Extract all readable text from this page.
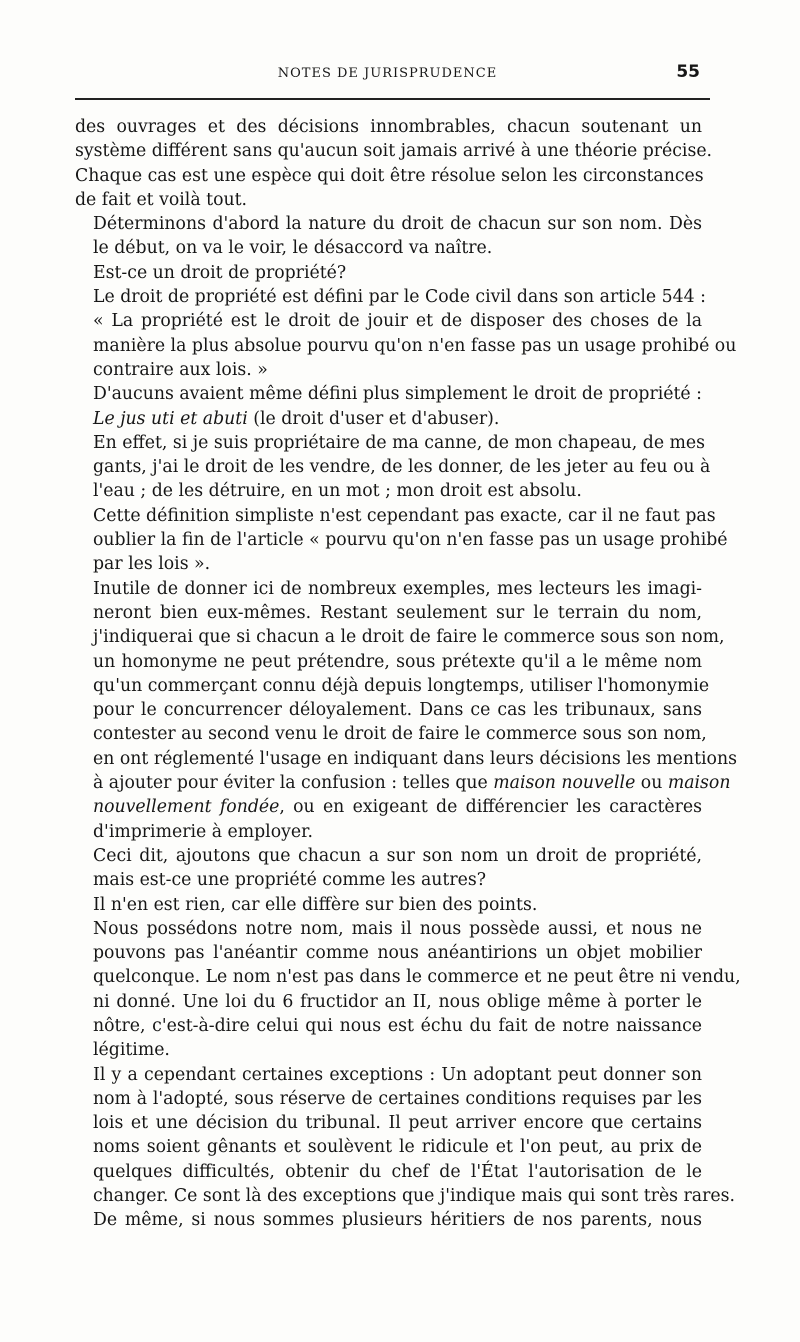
NOTES DE JURISPRUDENCE	55

des ouvrages et des décisions innombrables, chacun soutenant un
système différent sans qu'aucun soit jamais arrivé à une théorie précise.
Chaque cas est une espèce qui doit être résolue selon les circonstances
de fait et voilà tout.

Déterminons d'abord la nature du droit de chacun sur son nom. Dès
le début, on va le voir, le désaccord va naître.

Est-ce un droit de propriété?

Le droit de propriété est défini par le Code civil dans son article 544 :
« La propriété est le droit de jouir et de disposer des choses de la
manière la plus absolue pourvu qu'on n'en fasse pas un usage prohibé ou
contraire aux lois. »

D'aucuns avaient même défini plus simplement le droit de propriété :
Le jus uti et abuti (le droit d'user et d'abuser).

En effet, si je suis propriétaire de ma canne, de mon chapeau, de mes
gants, j'ai le droit de les vendre, de les donner, de les jeter au feu ou à
l'eau ; de les détruire, en un mot ; mon droit est absolu.

Cette définition simpliste n'est cependant pas exacte, car il ne faut pas
oublier la fin de l'article « pourvu qu'on n'en fasse pas un usage prohibé
par les lois ».

Inutile de donner ici de nombreux exemples, mes lecteurs les imagi-
neront bien eux-mêmes. Restant seulement sur le terrain du nom,
j'indiquerai que si chacun a le droit de faire le commerce sous son nom,
un homonyme ne peut prétendre, sous prétexte qu'il a le même nom
qu'un commerçant connu déjà depuis longtemps, utiliser l'homonymie
pour le concurrencer déloyalement. Dans ce cas les tribunaux, sans
contester au second venu le droit de faire le commerce sous son nom,
en ont réglementé l'usage en indiquant dans leurs décisions les mentions
à ajouter pour éviter la confusion : telles que maison nouvelle ou maison
nouvellement fondée, ou en exigeant de différencier les caractères
d'imprimerie à employer.

Ceci dit, ajoutons que chacun a sur son nom un droit de propriété,
mais est-ce une propriété comme les autres?

Il n'en est rien, car elle diffère sur bien des points.

Nous possédons notre nom, mais il nous possède aussi, et nous ne
pouvons pas l'anéantir comme nous anéantirions un objet mobilier
quelconque. Le nom n'est pas dans le commerce et ne peut être ni vendu,
ni donné. Une loi du 6 fructidor an II, nous oblige même à porter le
nôtre, c'est-à-dire celui qui nous est échu du fait de notre naissance
légitime.

Il y a cependant certaines exceptions : Un adoptant peut donner son
nom à l'adopté, sous réserve de certaines conditions requises par les
lois et une décision du tribunal. Il peut arriver encore que certains
noms soient gênants et soulèvent le ridicule et l'on peut, au prix de
quelques difficultés, obtenir du chef de l'État l'autorisation de le
changer. Ce sont là des exceptions que j'indique mais qui sont très rares.

De même, si nous sommes plusieurs héritiers de nos parents, nous
